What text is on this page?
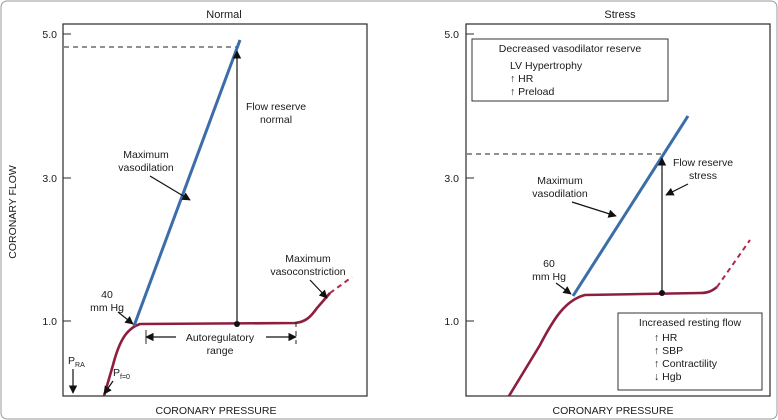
CORONARY FLOW
Normal
5.0
3.0
1.0
CORONARY PRESSURE
Autoregulatory
range
Maximum
vasodilation
Flow reserve
normal
40
mm Hg
Maximum
vasoconstriction
$P_{RA}$
$P_{f=0}$
Stress
5.0
3.0
1.0
CORONARY PRESSURE
Maximum
vasodilation
Flow reserve
stress
60
mm Hg
Decreased vasodilator reserve
LV Hypertrophy
↑ HR
↑ Preload
Increased resting flow
↑ HR
↑ SBP
↑ Contractility
↓ Hgb
